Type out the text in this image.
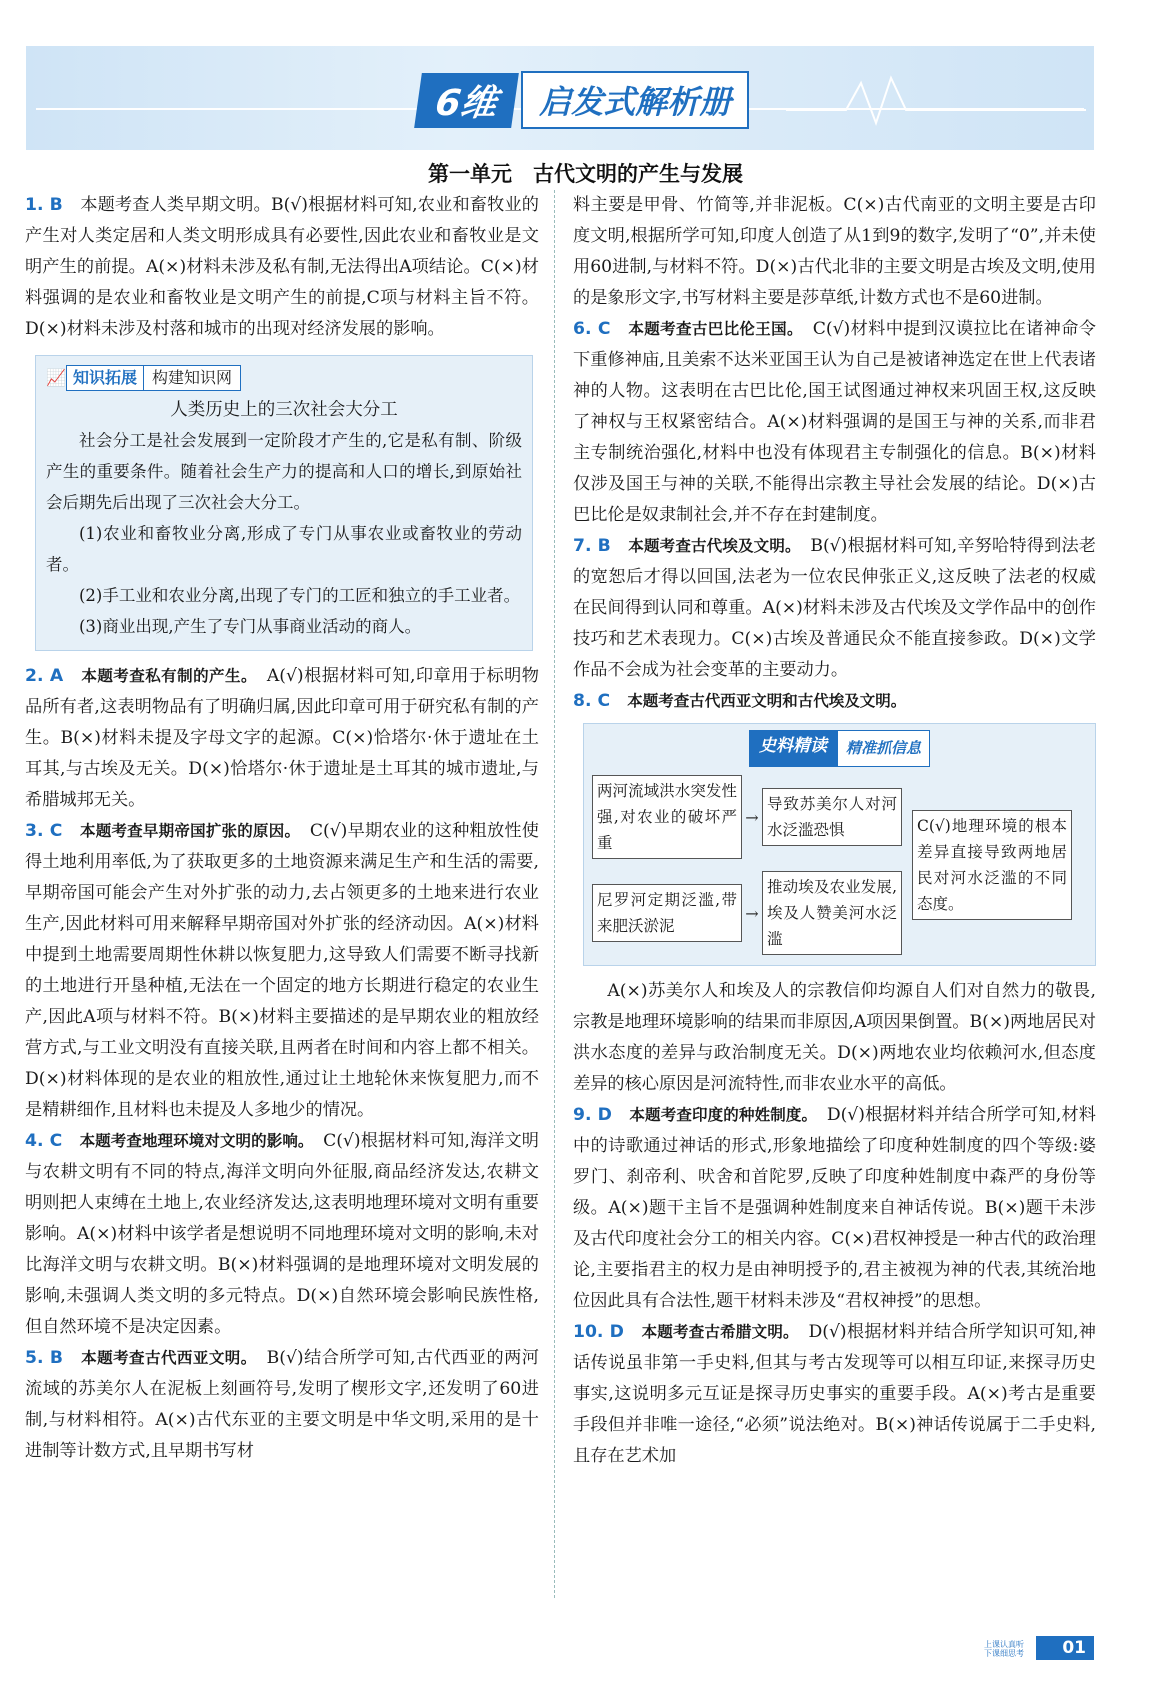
6维	启发式解析册
第一单元　古代文明的产生与发展

1. B　 本题考查人类早期文明。B(√)根据材料可知,农业和畜牧业的产生对人类定居和人类文明形成具有必要性,因此农业和畜牧业是文明产生的前提。A(×)材料未涉及私有制,无法得出A项结论。C(×)材料强调的是农业和畜牧业是文明产生的前提,C项与材料主旨不符。D(×)材料未涉及村落和城市的出现对经济发展的影响。

📈 知识拓展 构建知识网
人类历史上的三次社会大分工

社会分工是社会发展到一定阶段才产生的,它是私有制、阶级产生的重要条件。随着社会生产力的提高和人口的增长,到原始社会后期先后出现了三次社会大分工。

(1)农业和畜牧业分离,形成了专门从事农业或畜牧业的劳动者。

(2)手工业和农业分离,出现了专门的工匠和独立的手工业者。

(3)商业出现,产生了专门从事商业活动的商人。

2. A　 本题考查私有制的产生。　 A(√)根据材料可知,印章用于标明物品所有者,这表明物品有了明确归属,因此印章可用于研究私有制的产生。B(×)材料未提及字母文字的起源。C(×)恰塔尔·休于遗址在土耳其,与古埃及无关。D(×)恰塔尔·休于遗址是土耳其的城市遗址,与希腊城邦无关。

3. C　 本题考查早期帝国扩张的原因。　 C(√)早期农业的这种粗放性使得土地利用率低,为了获取更多的土地资源来满足生产和生活的需要,早期帝国可能会产生对外扩张的动力,去占领更多的土地来进行农业生产,因此材料可用来解释早期帝国对外扩张的经济动因。A(×)材料中提到土地需要周期性休耕以恢复肥力,这导致人们需要不断寻找新的土地进行开垦种植,无法在一个固定的地方长期进行稳定的农业生产,因此A项与材料不符。B(×)材料主要描述的是早期农业的粗放经营方式,与工业文明没有直接关联,且两者在时间和内容上都不相关。D(×)材料体现的是农业的粗放性,通过让土地轮休来恢复肥力,而不是精耕细作,且材料也未提及人多地少的情况。

4. C　 本题考查地理环境对文明的影响。　 C(√)根据材料可知,海洋文明与农耕文明有不同的特点,海洋文明向外征服,商品经济发达,农耕文明则把人束缚在土地上,农业经济发达,这表明地理环境对文明有重要影响。A(×)材料中该学者是想说明不同地理环境对文明的影响,未对比海洋文明与农耕文明。B(×)材料强调的是地理环境对文明发展的影响,未强调人类文明的多元特点。D(×)自然环境会影响民族性格,但自然环境不是决定因素。

5. B　 本题考查古代西亚文明。　 B(√)结合所学可知,古代西亚的两河流域的苏美尔人在泥板上刻画符号,发明了楔形文字,还发明了60进制,与材料相符。A(×)古代东亚的主要文明是中华文明,采用的是十进制等计数方式,且早期书写材

料主要是甲骨、竹简等,并非泥板。C(×)古代南亚的文明主要是古印度文明,根据所学可知,印度人创造了从1到9的数字,发明了“0”,并未使用60进制,与材料不符。D(×)古代北非的主要文明是古埃及文明,使用的是象形文字,书写材料主要是莎草纸,计数方式也不是60进制。

6. C　 本题考查古巴比伦王国。　 C(√)材料中提到汉谟拉比在诸神命令下重修神庙,且美索不达米亚国王认为自己是被诸神选定在世上代表诸神的人物。这表明在古巴比伦,国王试图通过神权来巩固王权,这反映了神权与王权紧密结合。A(×)材料强调的是国王与神的关系,而非君主专制统治强化,材料中也没有体现君主专制强化的信息。B(×)材料仅涉及国王与神的关联,不能得出宗教主导社会发展的结论。D(×)古巴比伦是奴隶制社会,并不存在封建制度。

7. B　 本题考查古代埃及文明。　 B(√)根据材料可知,辛努哈特得到法老的宽恕后才得以回国,法老为一位农民伸张正义,这反映了法老的权威在民间得到认同和尊重。A(×)材料未涉及古代埃及文学作品中的创作技巧和艺术表现力。C(×)古埃及普通民众不能直接参政。D(×)文学作品不会成为社会变革的主要动力。

8. C　 本题考查古代西亚文明和古代埃及文明。

史料精读	精准抓信息
两河流域洪水突发性强,对农业的破坏严重
→
导致苏美尔人对河水泛滥恐惧	C(√)地理环境的根本差异直接导致两地居民对河水泛滥的不同态度。
尼罗河定期泛滥,带来肥沃淤泥
→
推动埃及农业发展,埃及人赞美河水泛滥

A(×)苏美尔人和埃及人的宗教信仰均源自人们对自然力的敬畏,宗教是地理环境影响的结果而非原因,A项因果倒置。B(×)两地居民对洪水态度的差异与政治制度无关。D(×)两地农业均依赖河水,但态度差异的核心原因是河流特性,而非农业水平的高低。

9. D　 本题考查印度的种姓制度。　 D(√)根据材料并结合所学可知,材料中的诗歌通过神话的形式,形象地描绘了印度种姓制度的四个等级:婆罗门、刹帝利、吠舍和首陀罗,反映了印度种姓制度中森严的身份等级。A(×)题干主旨不是强调种姓制度来自神话传说。B(×)题干未涉及古代印度社会分工的相关内容。C(×)君权神授是一种古代的政治理论,主要指君主的权力是由神明授予的,君主被视为神的代表,其统治地位因此具有合法性,题干材料未涉及“君权神授”的思想。

10. D　 本题考查古希腊文明。　 D(√)根据材料并结合所学知识可知,神话传说虽非第一手史料,但其与考古发现等可以相互印证,来探寻历史事实,这说明多元互证是探寻历史事实的重要手段。A(×)考古是重要手段但并非唯一途径,“必须”说法绝对。B(×)神话传说属于二手史料,且存在艺术加

上课认真听
下课细思考	01
